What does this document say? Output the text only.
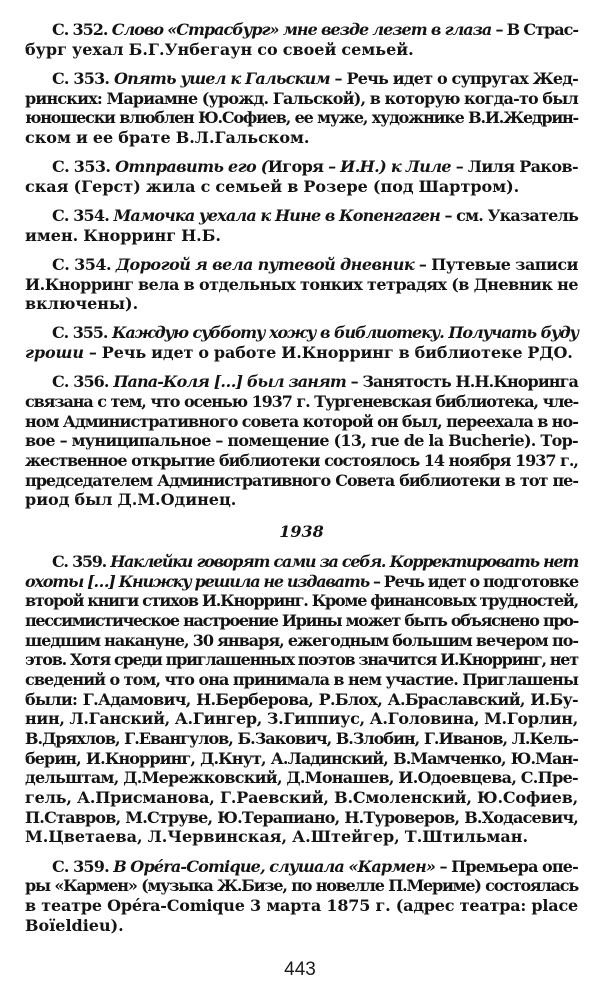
С. 352. Слово «Страсбург» мне везде лезет в глаза – В Страс-
бург уехал Б.Г.Унбегаун со своей семьей.
С. 353. Опять ушел к Гальским – Речь идет о супругах Жед-
ринских: Мариамне (урожд. Гальской), в которую когда-то был
юношески влюблен Ю.Софиев, ее муже, художнике В.И.Жедрин-
ском и ее брате В.Л.Гальском.
С. 353. Отправить его (Игоря – И.Н.) к Лиле – Лиля Раков-
ская (Герст) жила с семьей в Розере (под Шартром).
С. 354. Мамочка уехала к Нине в Копенгаген – см. Указатель
имен. Кнорринг Н.Б.
С. 354. Дорогой я вела путевой дневник – Путевые записи
И.Кнорринг вела в отдельных тонких тетрадях (в Дневник не
включены).
С. 355. Каждую субботу хожу в библиотеку. Получать буду
гроши – Речь идет о работе И.Кнорринг в библиотеке РДО.
С. 356. Папа-Коля […] был занят – Занятость Н.Н.Кноринга
связана с тем, что осенью 1937 г. Тургеневская библиотека, чле-
ном Административного совета которой он был, переехала в но-
вое – муниципальное – помещение (13, rue de la Bucherie). Тор-
жественное открытие библиотеки состоялось 14 ноября 1937 г.,
председателем Административного Совета библиотеки в тот пе-
риод был Д.М.Одинец.
1938
С. 359. Наклейки говорят сами за себя. Корректировать нет
охоты […] Книжку решила не издавать – Речь идет о подготовке
второй книги стихов И.Кнорринг. Кроме финансовых трудностей,
пессимистическое настроение Ирины может быть объяснено про-
шедшим накануне, 30 января, ежегодным большим вечером по-
этов. Хотя среди приглашенных поэтов значится И.Кнорринг, нет
сведений о том, что она принимала в нем участие. Приглашены
были: Г.Адамович, Н.Берберова, Р.Блох, А.Браславский, И.Бу-
нин, Л.Ганский, А.Гингер, З.Гиппиус, А.Головина, М.Горлин,
В.Дряхлов, Г.Евангулов, Б.Закович, В.Злобин, Г.Иванов, Л.Кель-
берин, И.Кнорринг, Д.Кнут, А.Ладинский, В.Мамченко, Ю.Ман-
дельштам, Д.Мережковский, Д.Монашев, И.Одоевцева, С.Пре-
гель, А.Присманова, Г.Раевский, В.Смоленский, Ю.Софиев,
П.Ставров, М.Струве, Ю.Терапиано, Н.Туроверов, В.Ходасевич,
М.Цветаева, Л.Червинская, А.Штейгер, Т.Штильман.
С. 359. В Opéra-Comique, слушала «Кармен» – Премьера опе-
ры «Кармен» (музыка Ж.Бизе, по новелле П.Мериме) состоялась
в театре Opéra-Comique 3 марта 1875 г. (адрес театра: place
Boïeldieu).
443
